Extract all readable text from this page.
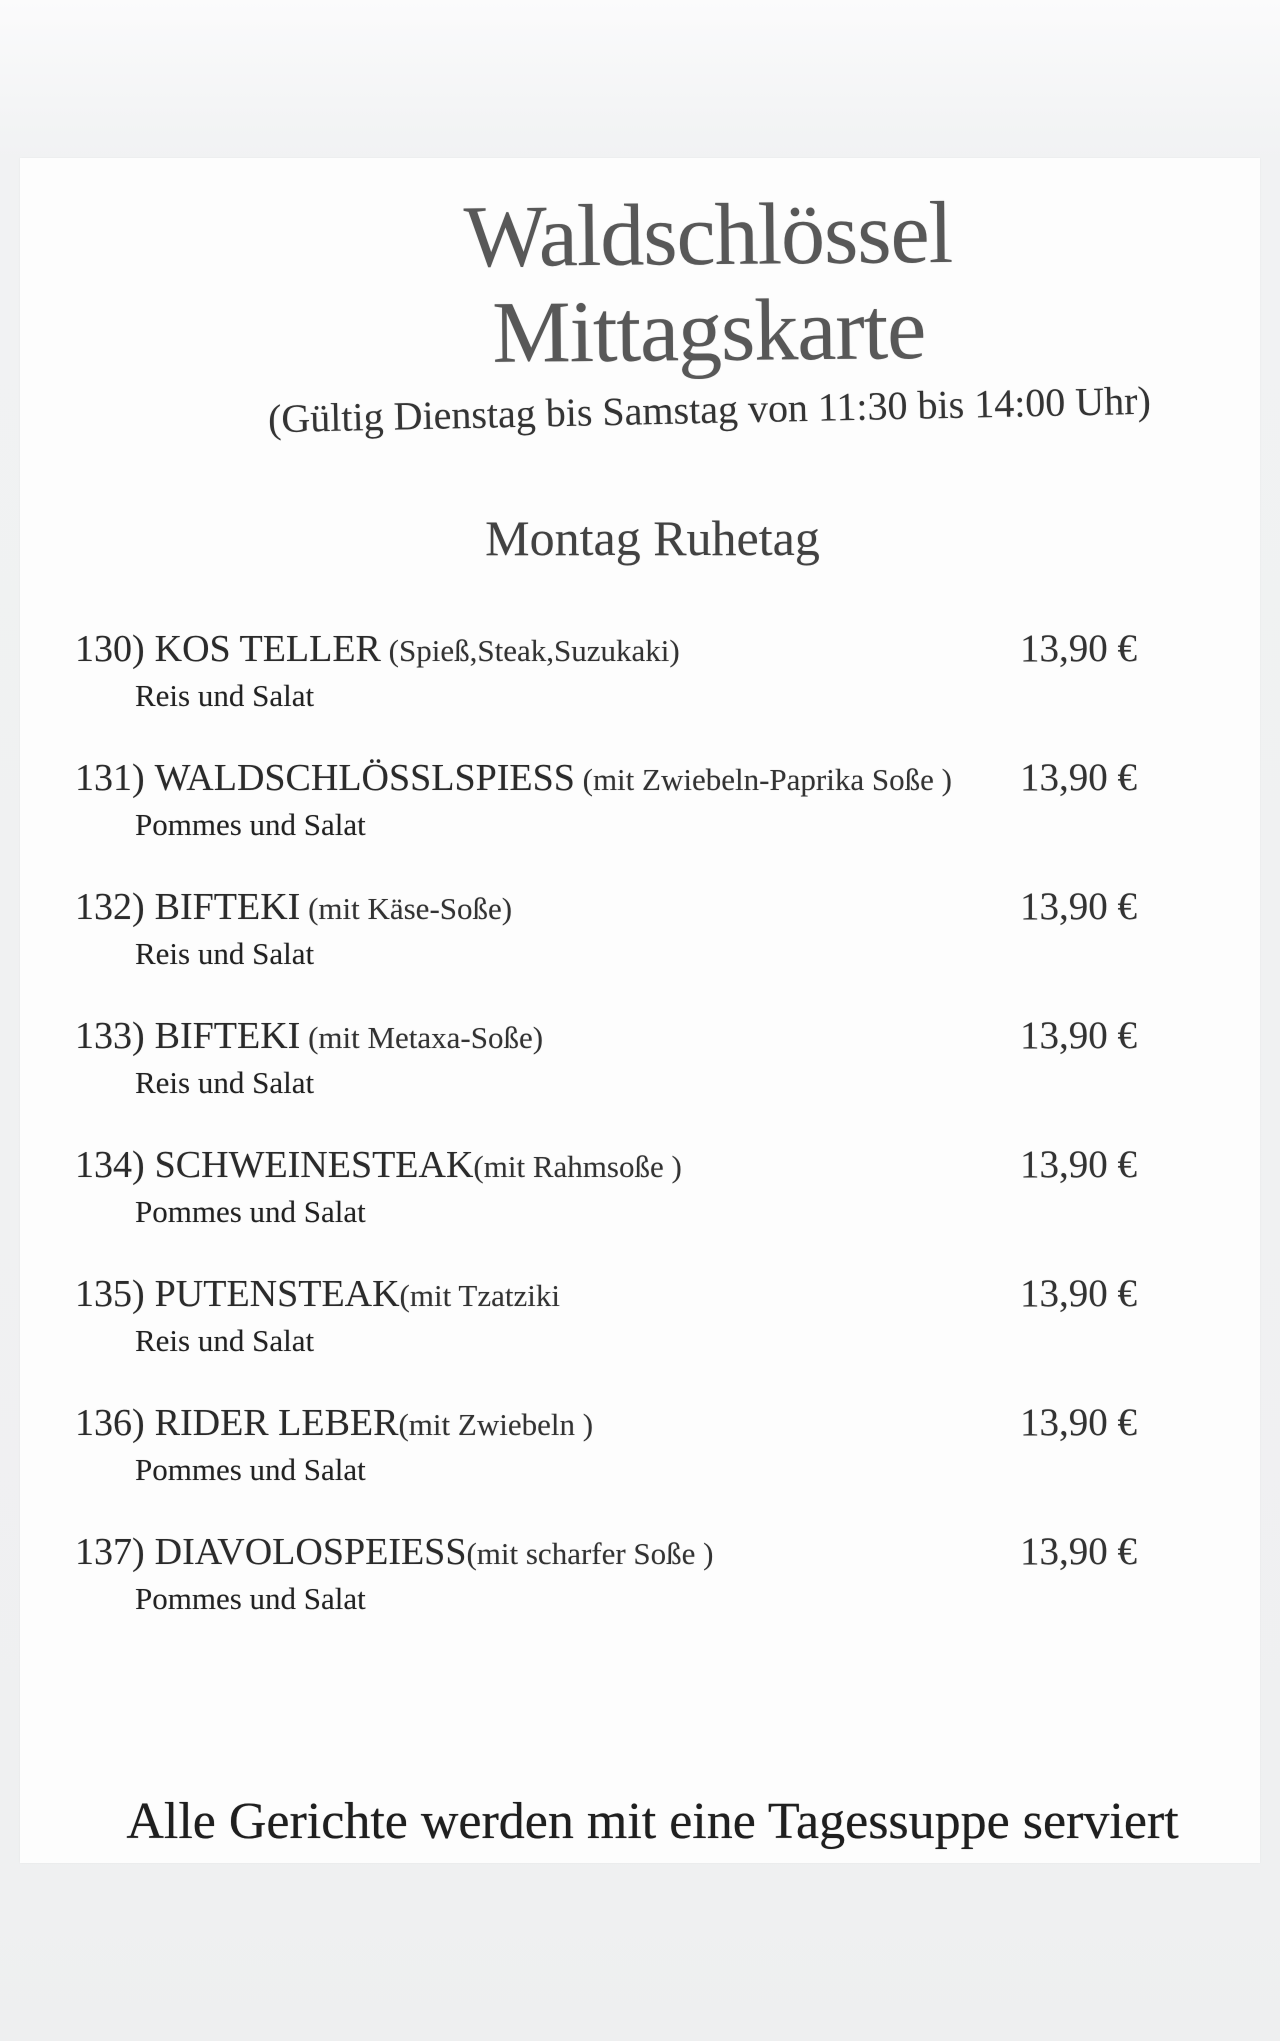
Waldschlössel
Mittagskarte
(Gültig Dienstag bis Samstag von 11:30 bis 14:00 Uhr)
Montag Ruhetag
130) KOS TELLER (Spieß,Steak,Suzukaki)	13,90 €
Reis und Salat
131) WALDSCHLÖSSLSPIESS (mit Zwiebeln-Paprika Soße )	13,90 €
Pommes und Salat
132) BIFTEKI (mit Käse-Soße)	13,90 €
Reis und Salat
133) BIFTEKI (mit Metaxa-Soße)	13,90 €
Reis und Salat
134) SCHWEINESTEAK(mit Rahmsoße )	13,90 €
Pommes und Salat
135) PUTENSTEAK(mit Tzatziki	13,90 €
Reis und Salat
136) RIDER LEBER(mit Zwiebeln )	13,90 €
Pommes und Salat
137) DIAVOLOSPEIESS(mit scharfer Soße )	13,90 €
Pommes und Salat
Alle Gerichte werden mit eine Tagessuppe serviert
